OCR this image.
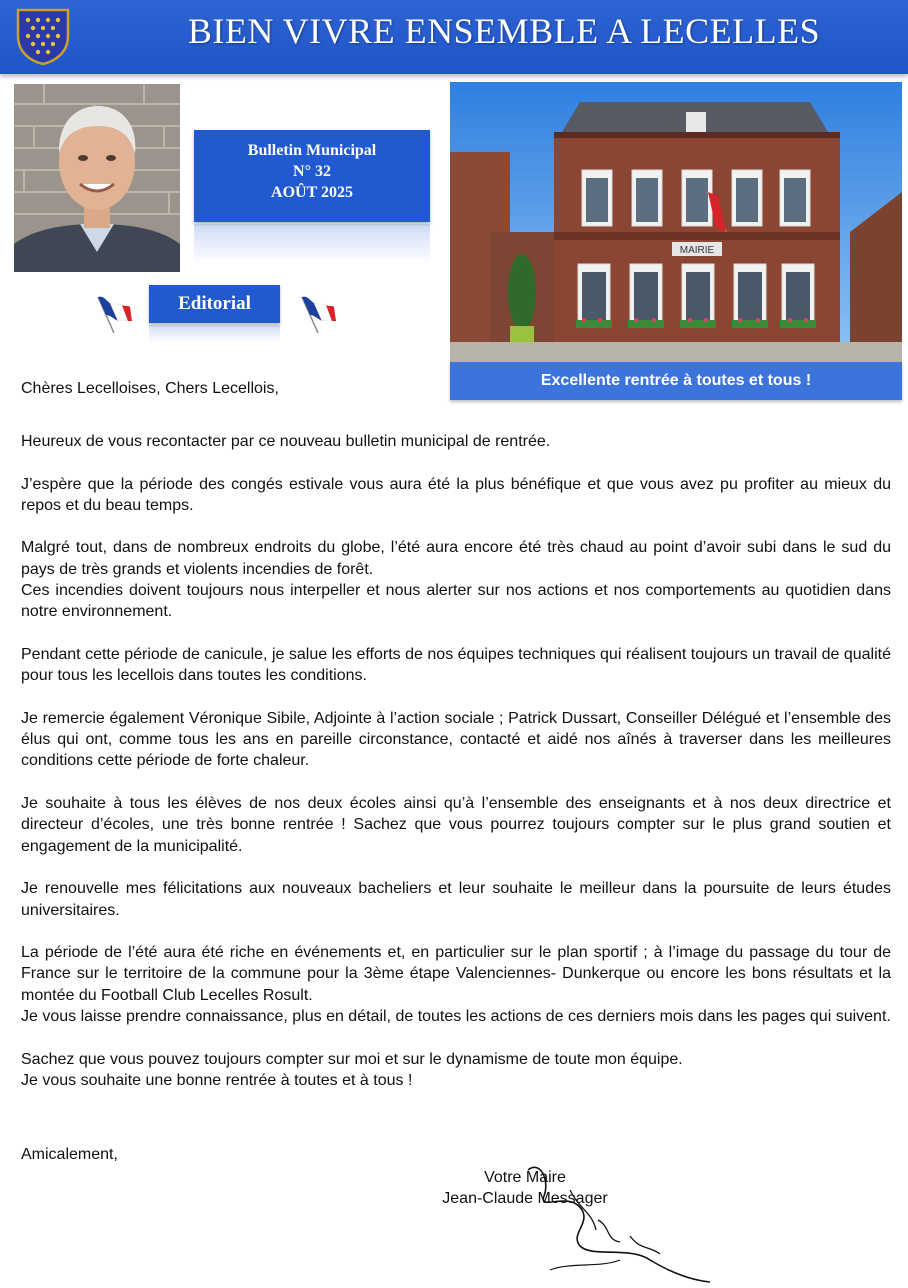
BIEN VIVRE ENSEMBLE A LECELLES
Bulletin Municipal
N° 32
AOÛT 2025
Editorial
MAIRIE
Excellente rentrée à toutes et tous !
Chères Lecelloises, Chers Lecellois,

Heureux de vous recontacter par ce nouveau bulletin municipal de rentrée.

J’espère que la période des congés estivale vous aura été la plus bénéfique et que vous avez pu profiter au mieux du repos et du beau temps.

Malgré tout, dans de nombreux endroits du globe, l’été aura encore été très chaud au point d’avoir subi dans le sud du pays de très grands et violents incendies de forêt.

Ces incendies doivent toujours nous interpeller et nous alerter sur nos actions et nos comportements au quotidien dans notre environnement.

Pendant cette période de canicule, je salue les efforts de nos équipes techniques qui réalisent toujours un travail de qualité pour tous les lecellois dans toutes les conditions.

Je remercie également Véronique Sibile, Adjointe à l’action sociale ; Patrick Dussart, Conseiller Délégué et l’ensemble des élus qui ont, comme tous les ans en pareille circonstance, contacté et aidé nos aînés à traverser dans les meilleures conditions cette période de forte chaleur.

Je souhaite à tous les élèves de nos deux écoles ainsi qu’à l’ensemble des enseignants et à nos deux directrice et directeur d’écoles, une très bonne rentrée ! Sachez que vous pourrez toujours compter sur le plus grand soutien et engagement de la municipalité.

Je renouvelle mes félicitations aux nouveaux bacheliers et leur souhaite le meilleur dans la poursuite de leurs études universitaires.

La période de l’été aura été riche en événements et, en particulier sur le plan sportif ; à l’image du passage du tour de France sur le territoire de la commune pour la 3ème étape Valenciennes- Dunkerque ou encore les bons résultats et la montée du Football Club Lecelles Rosult.

Je vous laisse prendre connaissance, plus en détail, de toutes les actions de ces derniers mois dans les pages qui suivent.

Sachez que vous pouvez toujours compter sur moi et sur le dynamisme de toute mon équipe.

Je vous souhaite une bonne rentrée à toutes et à tous !

Amicalement,
Votre Maire
Jean-Claude Messager
